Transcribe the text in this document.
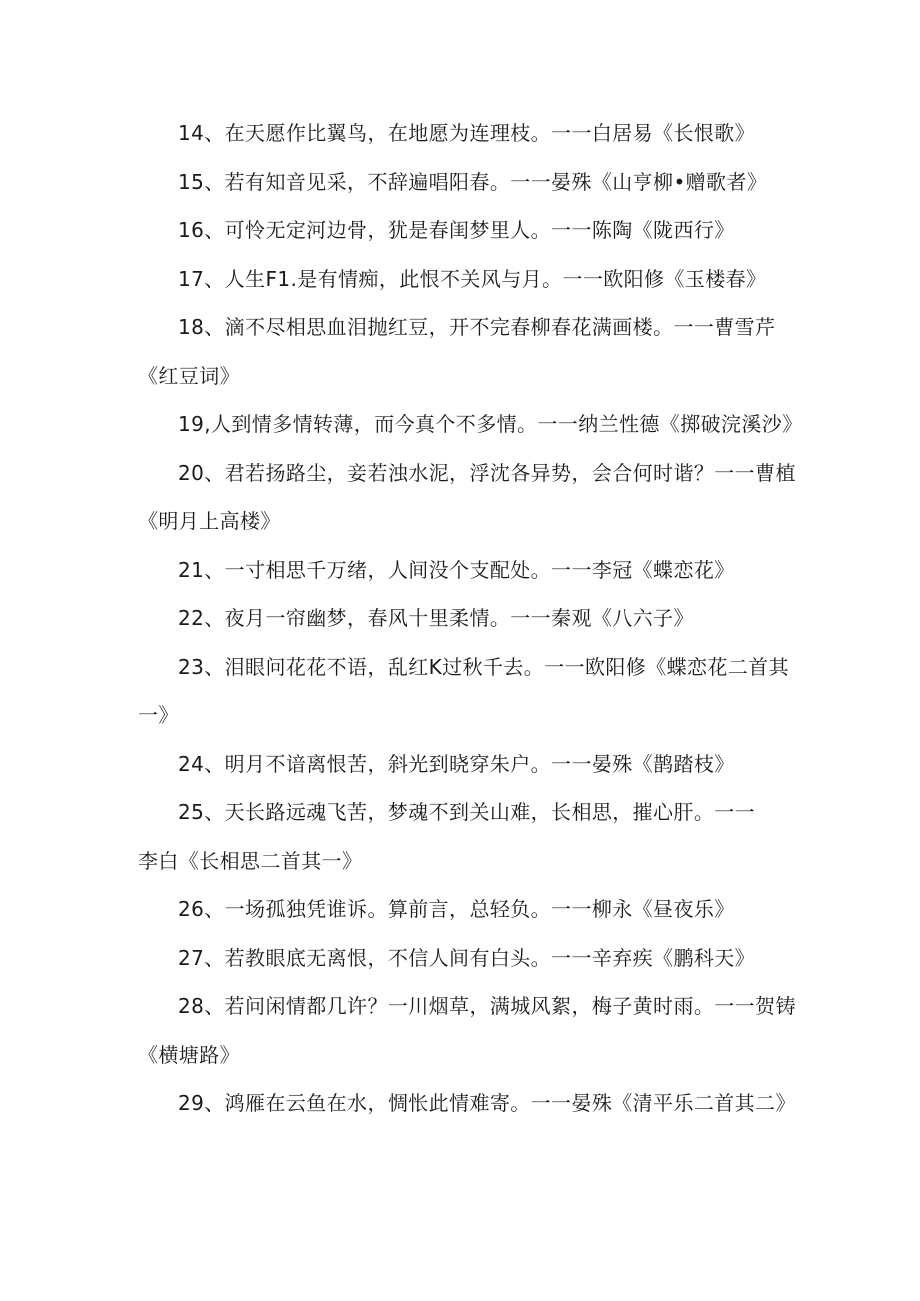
14、在天愿作比翼鸟，在地愿为连理枝。一一白居易《长恨歌》
15、若有知音见采，不辞遍唱阳春。一一晏殊《山亨柳•赠歌者》
16、可怜无定河边骨，犹是春闺梦里人。一一陈陶《陇西行》
17、人生F1.是有情痴，此恨不关风与月。一一欧阳修《玉楼春》
18、滴不尽相思血泪抛红豆，开不完春柳春花满画楼。一一曹雪芹
《红豆词》
19,人到情多情转薄，而今真个不多情。一一纳兰性德《掷破浣溪沙》
20、君若扬路尘，妾若浊水泥，浮沈各异势，会合何时谐？一一曹植
《明月上高楼》
21、一寸相思千万绪，人间没个支配处。一一李冠《蝶恋花》
22、夜月一帘幽梦，春风十里柔情。一一秦观《八六子》
23、泪眼问花花不语，乱红K过秋千去。一一欧阳修《蝶恋花二首其
一》
24、明月不谙离恨苦，斜光到晓穿朱户。一一晏殊《鹊踏枝》
25、天长路远魂飞苦，梦魂不到关山难，长相思，摧心肝。一一
李白《长相思二首其一》
26、一场孤独凭谁诉。算前言，总轻负。一一柳永《昼夜乐》
27、若教眼底无离恨，不信人间有白头。一一辛弃疾《鹏科天》
28、若问闲情都几许？一川烟草，满城风絮，梅子黄时雨。一一贺铸
《横塘路》
29、鸿雁在云鱼在水，惆怅此情难寄。一一晏殊《清平乐二首其二》
